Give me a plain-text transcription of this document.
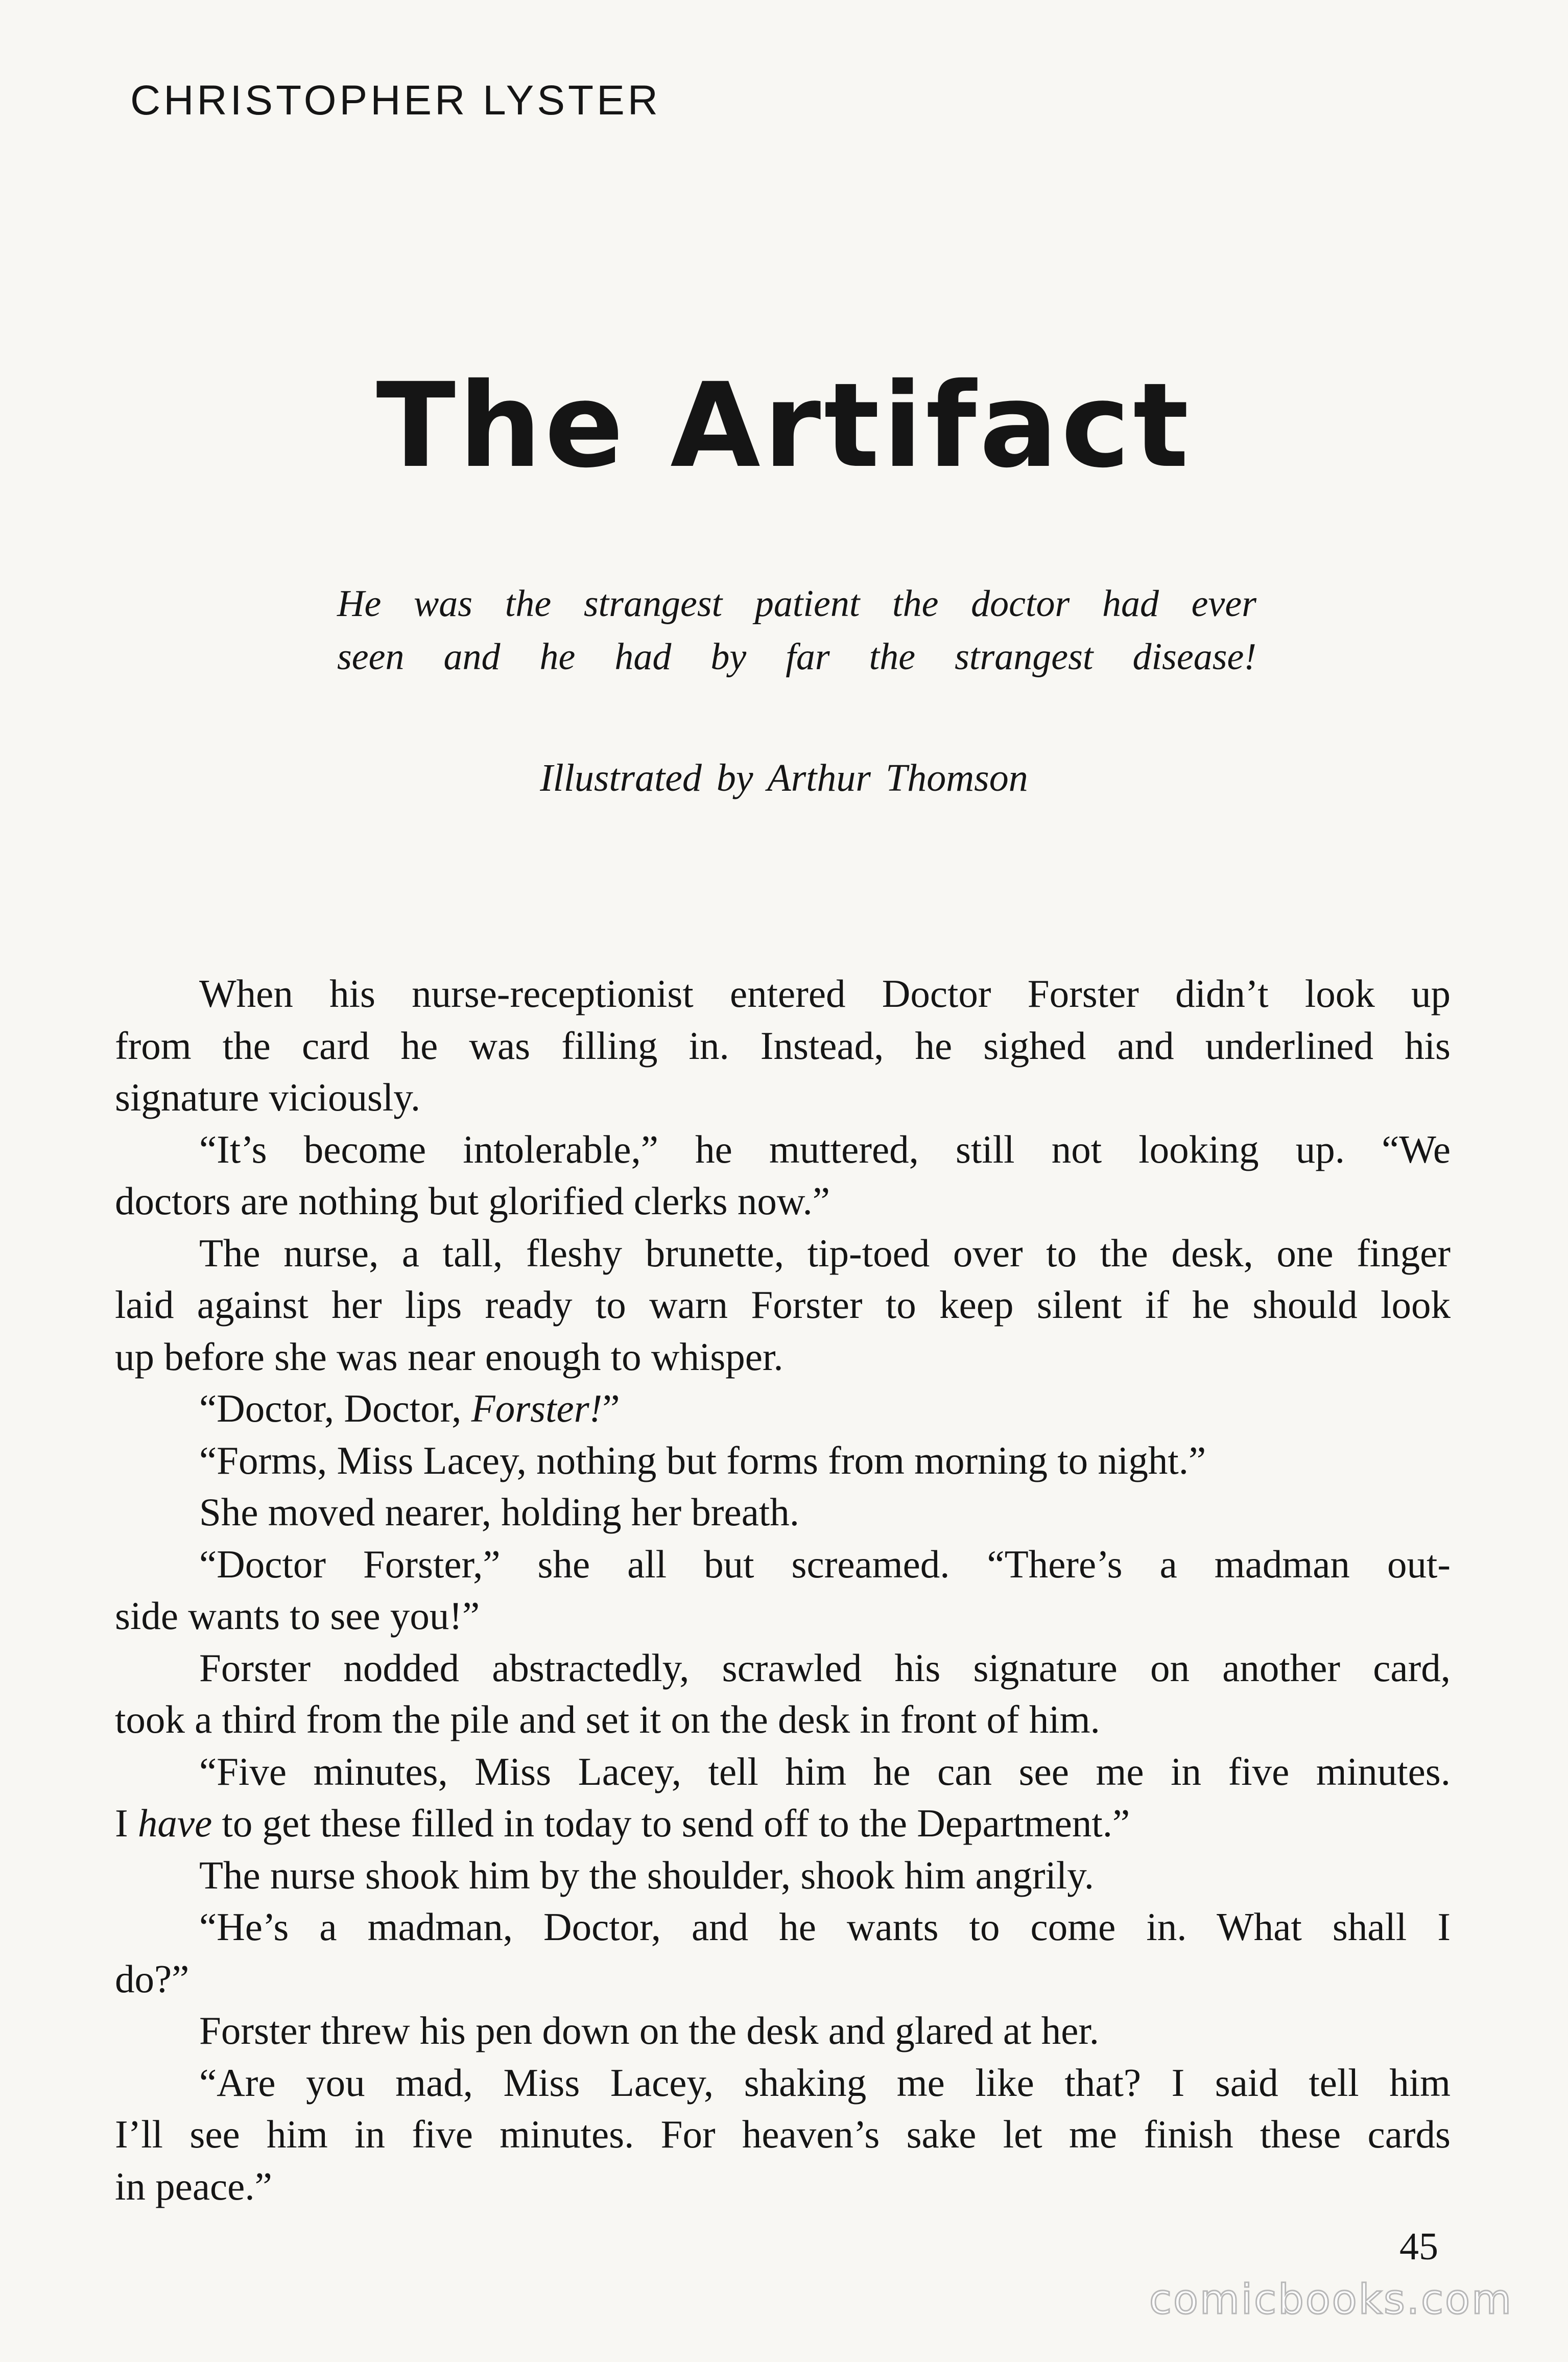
CHRISTOPHER LYSTER
The Artifact
He was the strangest patient the doctor had ever
seen and he had by far the strangest disease!
Illustrated by Arthur Thomson
When his nurse-receptionist entered Doctor Forster didn’t look up
from the card he was filling in. Instead, he sighed and underlined his
signature viciously.
“It’s become intolerable,” he muttered, still not looking up. “We
doctors are nothing but glorified clerks now.”
The nurse, a tall, fleshy brunette, tip-toed over to the desk, one finger
laid against her lips ready to warn Forster to keep silent if he should look
up before she was near enough to whisper.
“Doctor, Doctor, Forster!”
“Forms, Miss Lacey, nothing but forms from morning to night.”
She moved nearer, holding her breath.
“Doctor Forster,” she all but screamed. “There’s a madman out-
side wants to see you!”
Forster nodded abstractedly, scrawled his signature on another card,
took a third from the pile and set it on the desk in front of him.
“Five minutes, Miss Lacey, tell him he can see me in five minutes.
I have to get these filled in today to send off to the Department.”
The nurse shook him by the shoulder, shook him angrily.
“He’s a madman, Doctor, and he wants to come in. What shall I
do?”
Forster threw his pen down on the desk and glared at her.
“Are you mad, Miss Lacey, shaking me like that? I said tell him
I’ll see him in five minutes. For heaven’s sake let me finish these cards
in peace.”
45
comicbooks.com
